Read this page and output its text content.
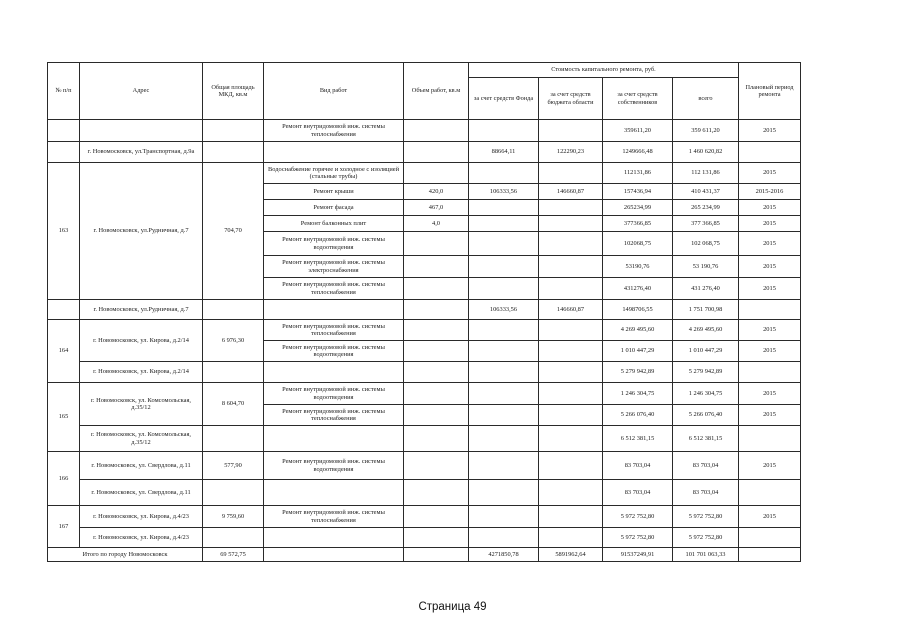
№ п/п	Адрес	Общая площадь МКД, кв.м	Вид работ	Объем работ, кв.м	Стоимость капитального ремонта, руб.				Плановый период ремонта
					за счет средств Фонда	за счет средств бюджета области	за счет средств собственников	всего	
			Ремонт внутридомовой инж. системы теплоснабжения				359611,20	359 611,20	2015
	г. Новомосковск, ул.Транспортная, д.9а				88664,11	122290,23	1249666,48	1 460 620,82	
163	г. Новомосковск, ул.Рудничная, д.7	704,70	Водоснабжение горячее и холодное с изоляцией (стальные трубы)				112131,86	112 131,86	2015
			Ремонт крыши	420,0	106333,56	146660,87	157436,94	410 431,37	2015-2016
			Ремонт фасада	467,0			265234,99	265 234,99	2015
			Ремонт балконных плит	4,0			377366,85	377 366,85	2015
			Ремонт внутридомовой инж. системы водоотведения				102068,75	102 068,75	2015
			Ремонт внутридомовой инж. системы электроснабжения				53190,76	53 190,76	2015
			Ремонт внутридомовой инж. системы теплоснабжения				431276,40	431 276,40	2015
	г. Новомосковск, ул.Рудничная, д.7				106333,56	146660,87	1498706,55	1 751 700,98	
164	г. Новомосковск, ул. Кирова, д.2/14	6 976,30	Ремонт внутридомовой инж. системы теплоснабжения				4 269 495,60	4 269 495,60	2015
			Ремонт внутридомовой инж. системы водоотведения				1 010 447,29	1 010 447,29	2015
	г. Новомосковск, ул. Кирова, д.2/14						5 279 942,89	5 279 942,89	
165	г. Новомосковск, ул. Комсомольская, д.35/12	8 604,70	Ремонт внутридомовой инж. системы водоотведения				1 246 304,75	1 246 304,75	2015
			Ремонт внутридомовой инж. системы теплоснабжения				5 266 076,40	5 266 076,40	2015
	г. Новомосковск, ул. Комсомольская, д.35/12						6 512 381,15	6 512 381,15	
166	г. Новомосковск, ул. Свердлова, д.11	577,90	Ремонт внутридомовой инж. системы водоотведения				83 703,04	83 703,04	2015
	г. Новомосковск, ул. Свердлова, д.11						83 703,04	83 703,04	
167	г. Новомосковск, ул. Кирова, д.4/23	9 759,60	Ремонт внутридомовой инж. системы теплоснабжения				5 972 752,80	5 972 752,80	2015
	г. Новомосковск, ул. Кирова, д.4/23						5 972 752,80	5 972 752,80	
Итого по городу Новомосковск		69 572,75			4271850,78	5891962,64	91537249,91	101 701 063,33	
Страница 49
